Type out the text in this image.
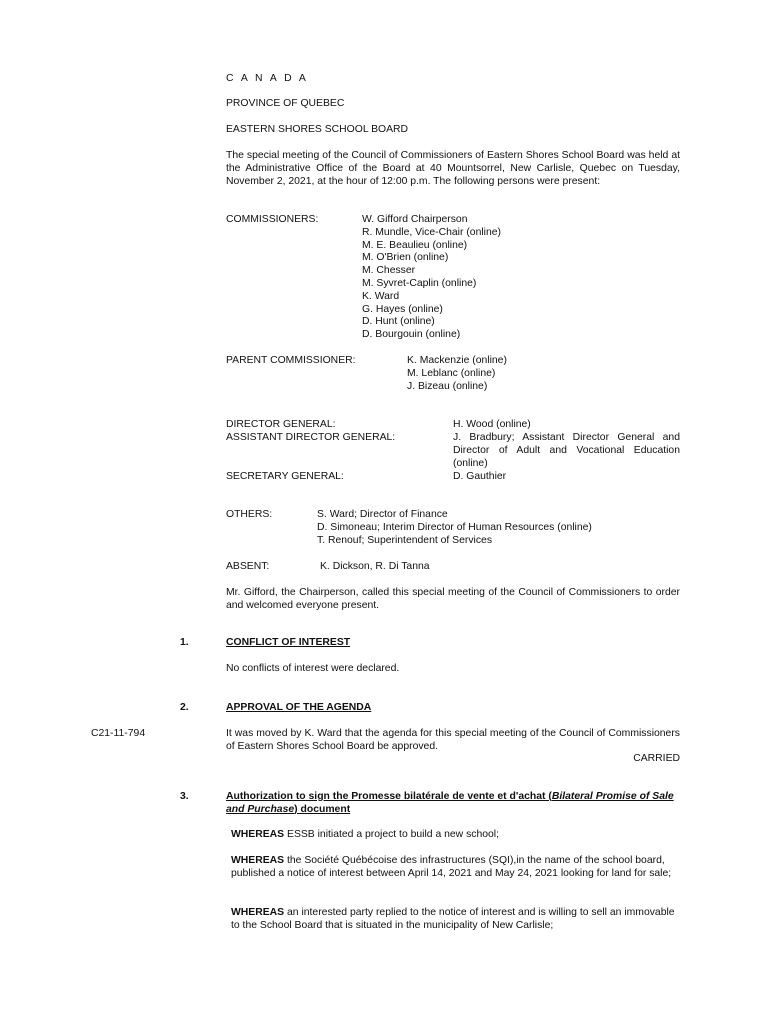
C A N A D A
PROVINCE OF QUEBEC
EASTERN SHORES SCHOOL BOARD
The special meeting of the Council of Commissioners of Eastern Shores School Board was held at the Administrative Office of the Board at 40 Mountsorrel, New Carlisle, Quebec on Tuesday, November 2, 2021, at the hour of 12:00 p.m. The following persons were present:
COMMISSIONERS:	W. Gifford Chairperson
R. Mundle, Vice-Chair (online)
M. E. Beaulieu (online)
M. O'Brien (online)
M. Chesser
M. Syvret-Caplin (online)
K. Ward
G. Hayes (online)
D. Hunt (online)
D. Bourgouin (online)
PARENT COMMISSIONER:	K. Mackenzie (online)
M. Leblanc (online)
J. Bizeau (online)
DIRECTOR GENERAL:	H. Wood (online)
ASSISTANT DIRECTOR GENERAL:	J. Bradbury; Assistant Director General and Director of Adult and Vocational Education (online)
SECRETARY GENERAL:	D. Gauthier
OTHERS:	S. Ward; Director of Finance
D. Simoneau; Interim Director of Human Resources (online)
T. Renouf; Superintendent of Services
ABSENT:	K. Dickson, R. Di Tanna
Mr. Gifford, the Chairperson, called this special meeting of the Council of Commissioners to order and welcomed everyone present.
1.	CONFLICT OF INTEREST
No conflicts of interest were declared.
2.	APPROVAL OF THE AGENDA
C21-11-794	It was moved by K. Ward that the agenda for this special meeting of the Council of Commissioners of Eastern Shores School Board be approved.
CARRIED
3.	Authorization to sign the Promesse bilatérale de vente et d'achat (Bilateral Promise of Sale and Purchase) document
WHEREAS ESSB initiated a project to build a new school;
WHEREAS the Société Québécoise des infrastructures (SQI),in the name of the school board, published a notice of interest between April 14, 2021 and May 24, 2021 looking for land for sale;
WHEREAS an interested party replied to the notice of interest and is willing to sell an immovable to the School Board that is situated in the municipality of New Carlisle;
